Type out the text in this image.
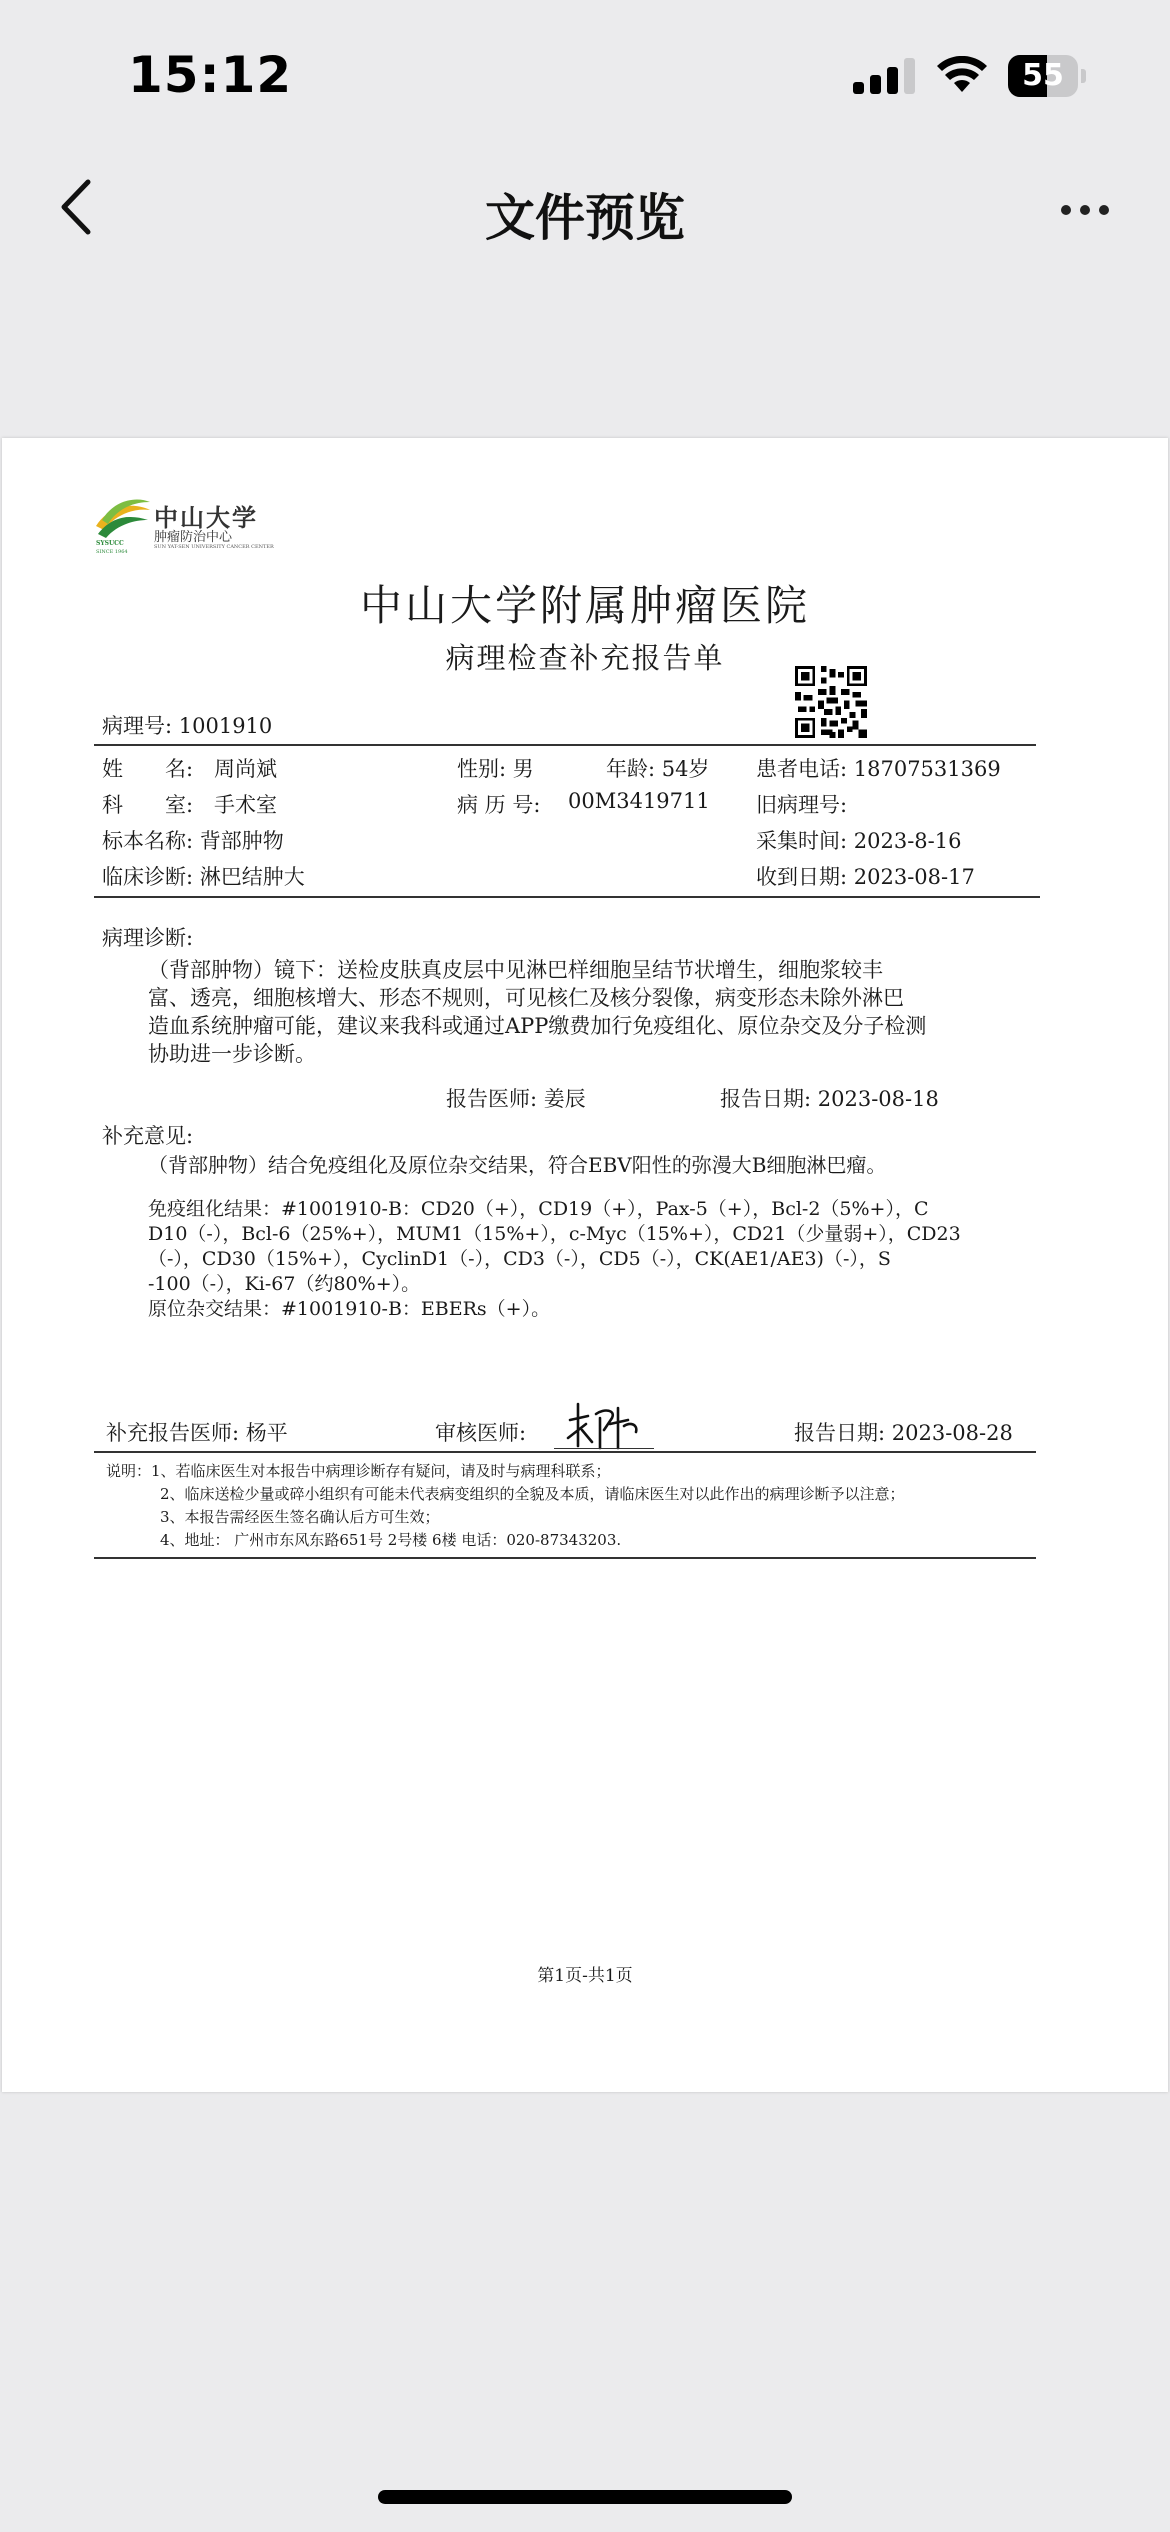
15:12	55
文件预览
中山大学
肿瘤防治中心
SUN YAT-SEN UNIVERSITY CANCER CENTER
SYSUCC
SINCE 1964
中山大学附属肿瘤医院
病理检查补充报告单
病理号: 1001910
姓　　名: 周尚斌	性别: 男	年龄: 54岁 患者电话: 18707531369
科　　室: 手术室	病 历 号: 00M3419711 旧病理号:
标本名称: 背部肿物	采集时间: 2023-8-16
临床诊断: 淋巴结肿大	收到日期: 2023-08-17
病理诊断:
（背部肿物）镜下：送检皮肤真皮层中见淋巴样细胞呈结节状增生，细胞浆较丰
富、透亮，细胞核增大、形态不规则，可见核仁及核分裂像，病变形态未除外淋巴
造血系统肿瘤可能，建议来我科或通过APP缴费加行免疫组化、原位杂交及分子检测
协助进一步诊断。
报告医师: 姜辰	报告日期: 2023-08-18
补充意见:
（背部肿物）结合免疫组化及原位杂交结果，符合EBV阳性的弥漫大B细胞淋巴瘤。
免疫组化结果：#1001910-B：CD20（+），CD19（+），Pax-5（+），Bcl-2（5%+），C
D10（-），Bcl-6（25%+），MUM1（15%+），c-Myc（15%+），CD21（少量弱+），CD23
（-），CD30（15%+），CyclinD1（-），CD3（-），CD5（-），CK(AE1/AE3)（-），S
-100（-），Ki-67（约80%+）。
原位杂交结果：#1001910-B：EBERs（+）。
补充报告医师: 杨平	审核医师:	报告日期: 2023-08-28
说明：1、若临床医生对本报告中病理诊断存有疑问，请及时与病理科联系；
2、临床送检少量或碎小组织有可能未代表病变组织的全貌及本质，请临床医生对以此作出的病理诊断予以注意；
3、本报告需经医生签名确认后方可生效；
4、地址： 广州市东风东路651号 2号楼 6楼 电话：020-87343203.
第1页-共1页
